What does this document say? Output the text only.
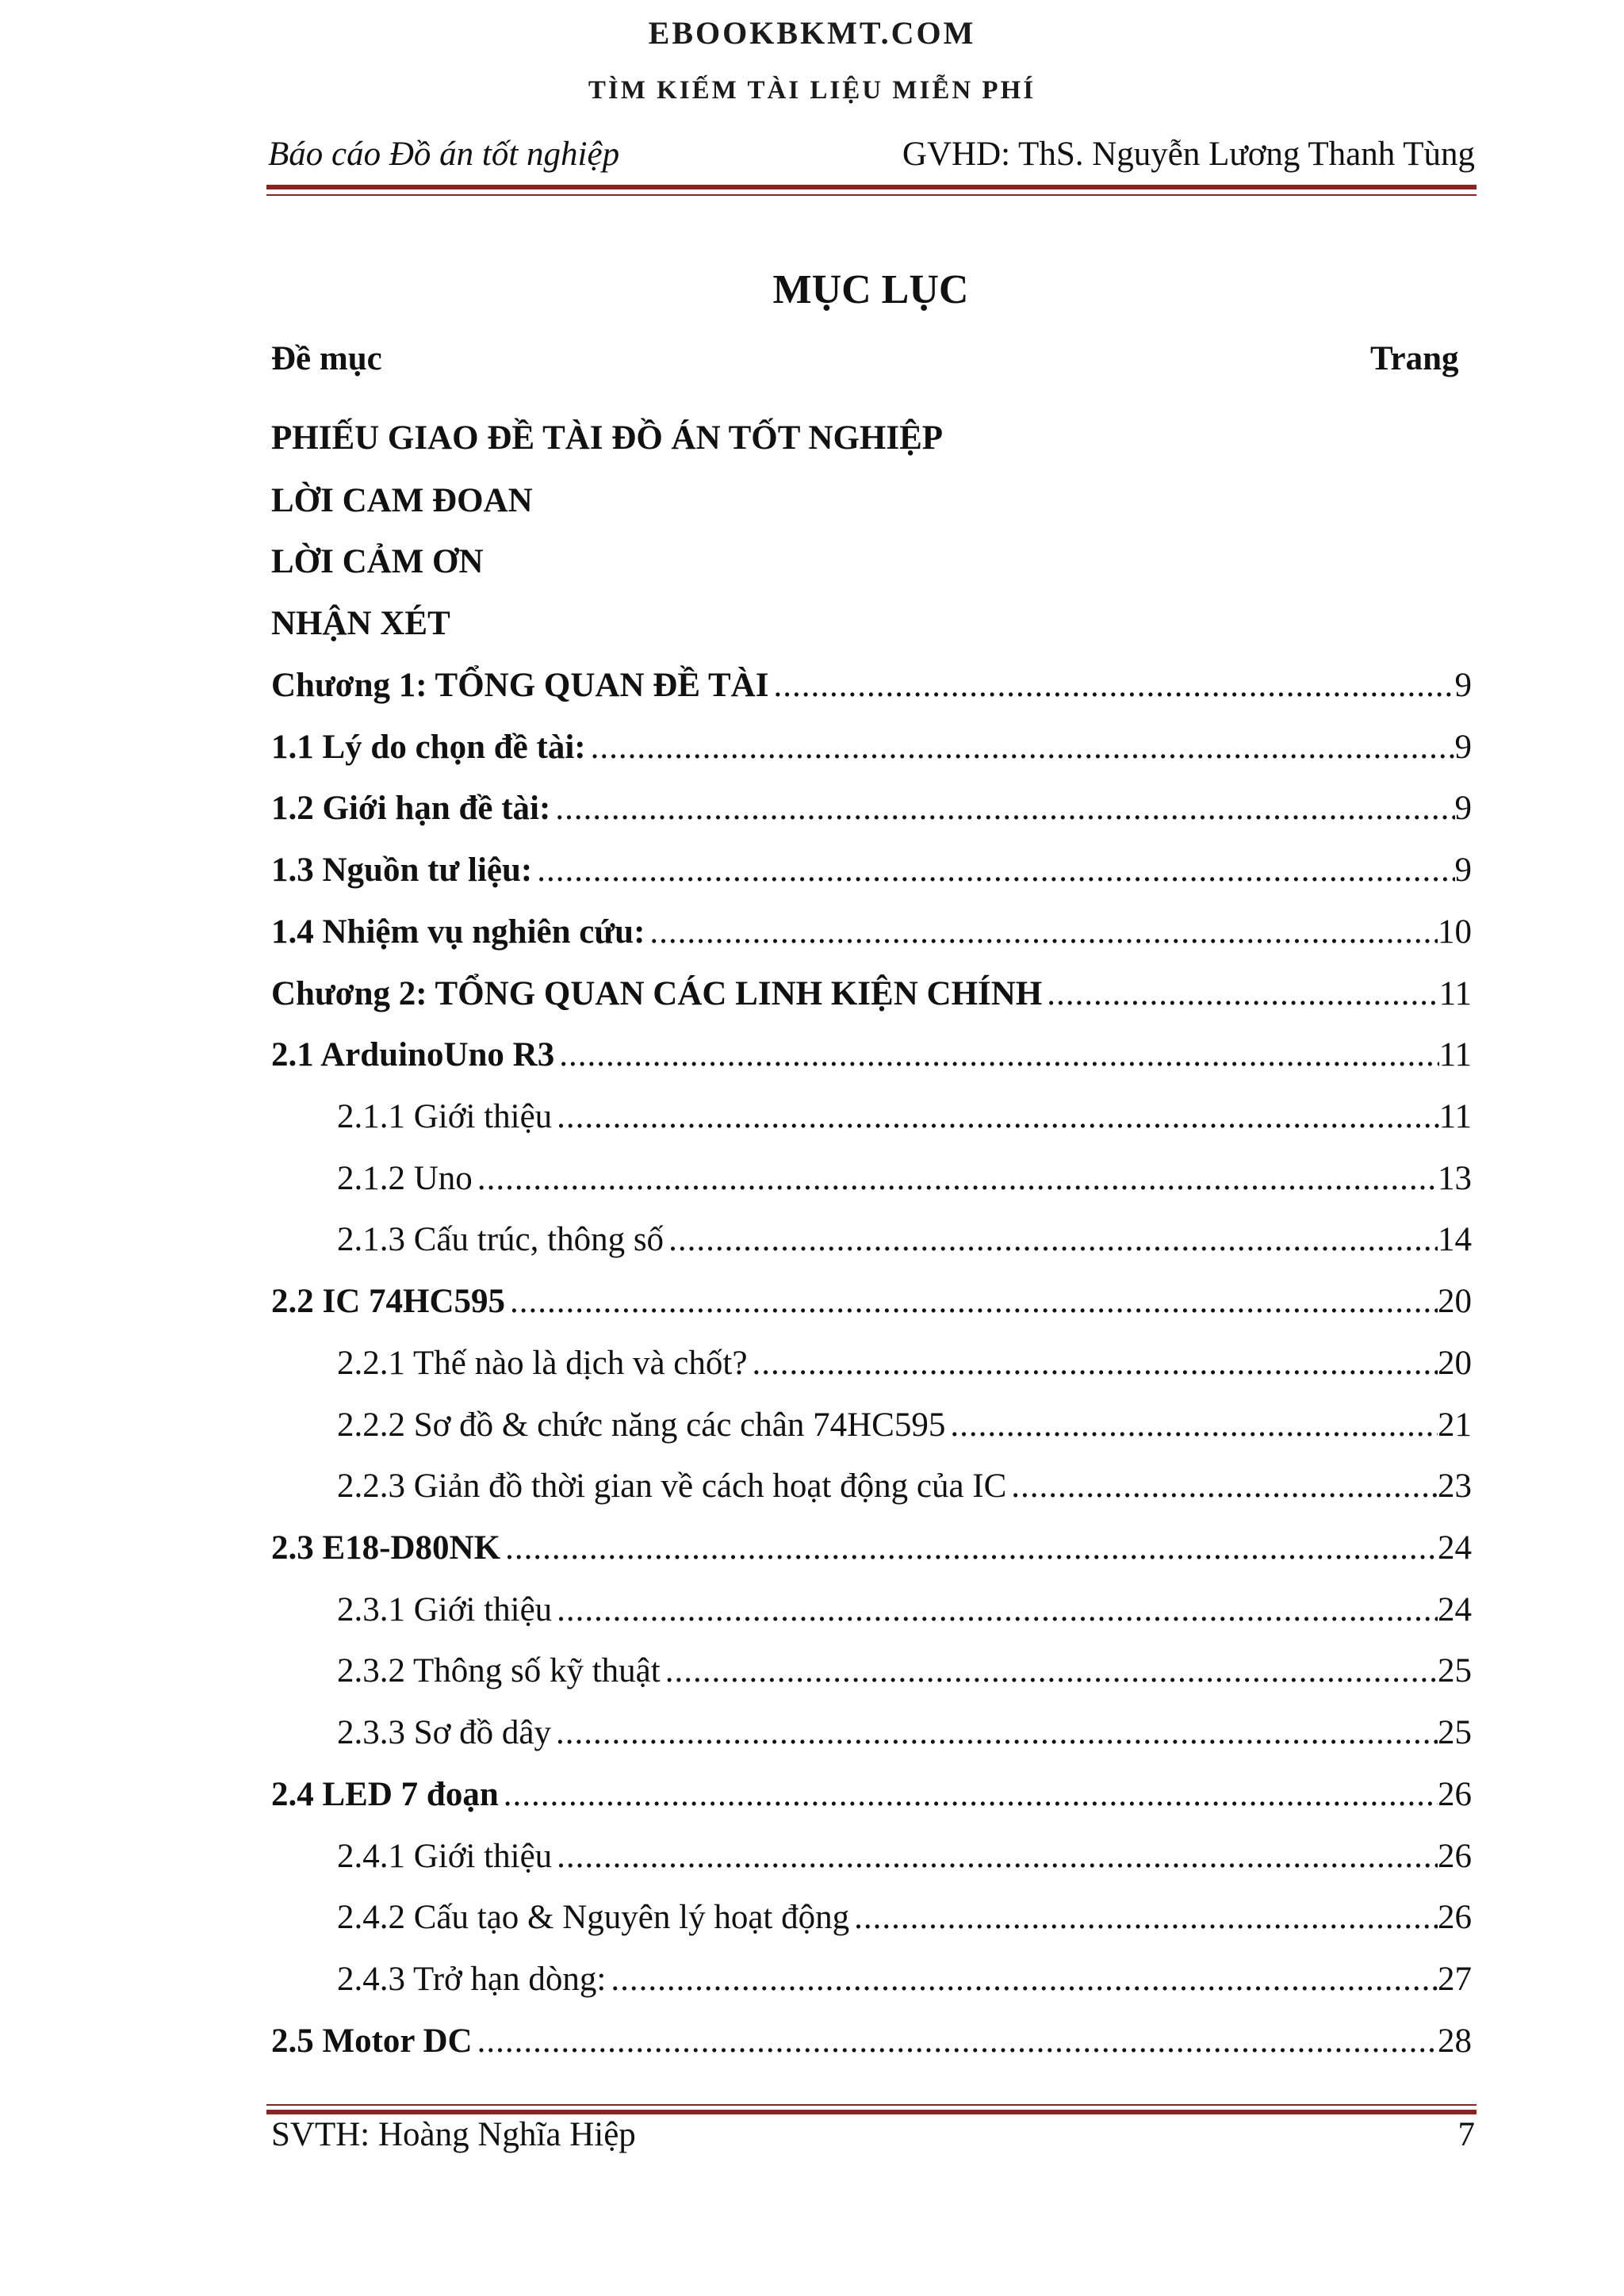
EBOOKBKMT.COM
TÌM KIẾM TÀI LIỆU MIỄN PHÍ
Báo cáo Đồ án tốt nghiệp	GVHD: ThS. Nguyễn Lương Thanh Tùng
MỤC LỤC
Đề mục	Trang
PHIẾU GIAO ĐỀ TÀI ĐỒ ÁN TỐT NGHIỆP
LỜI CAM ĐOAN
LỜI CẢM ƠN
NHẬN XÉT
Chương 1: TỔNG QUAN ĐỀ TÀI .....	9
1.1 Lý do chọn đề tài: .....	9
1.2 Giới hạn đề tài: .....	9
1.3 Nguồn tư liệu: .....	9
1.4 Nhiệm vụ nghiên cứu: .....	10
Chương 2: TỔNG QUAN CÁC LINH KIỆN CHÍNH .....	11
2.1 ArduinoUno R3 .....	11
2.1.1 Giới thiệu .....	11
2.1.2 Uno .....	13
2.1.3 Cấu trúc, thông số .....	14
2.2 IC 74HC595 .....	20
2.2.1 Thế nào là dịch và chốt? .....	20
2.2.2 Sơ đồ & chức năng các chân 74HC595 .....	21
2.2.3 Giản đồ thời gian về cách hoạt động của IC .....	23
2.3 E18-D80NK .....	24
2.3.1 Giới thiệu .....	24
2.3.2 Thông số kỹ thuật .....	25
2.3.3 Sơ đồ dây .....	25
2.4 LED 7 đoạn .....	26
2.4.1 Giới thiệu .....	26
2.4.2 Cấu tạo & Nguyên lý hoạt động .....	26
2.4.3 Trở hạn dòng: .....	27
2.5 Motor DC .....	28
SVTH: Hoàng Nghĩa Hiệp	7
